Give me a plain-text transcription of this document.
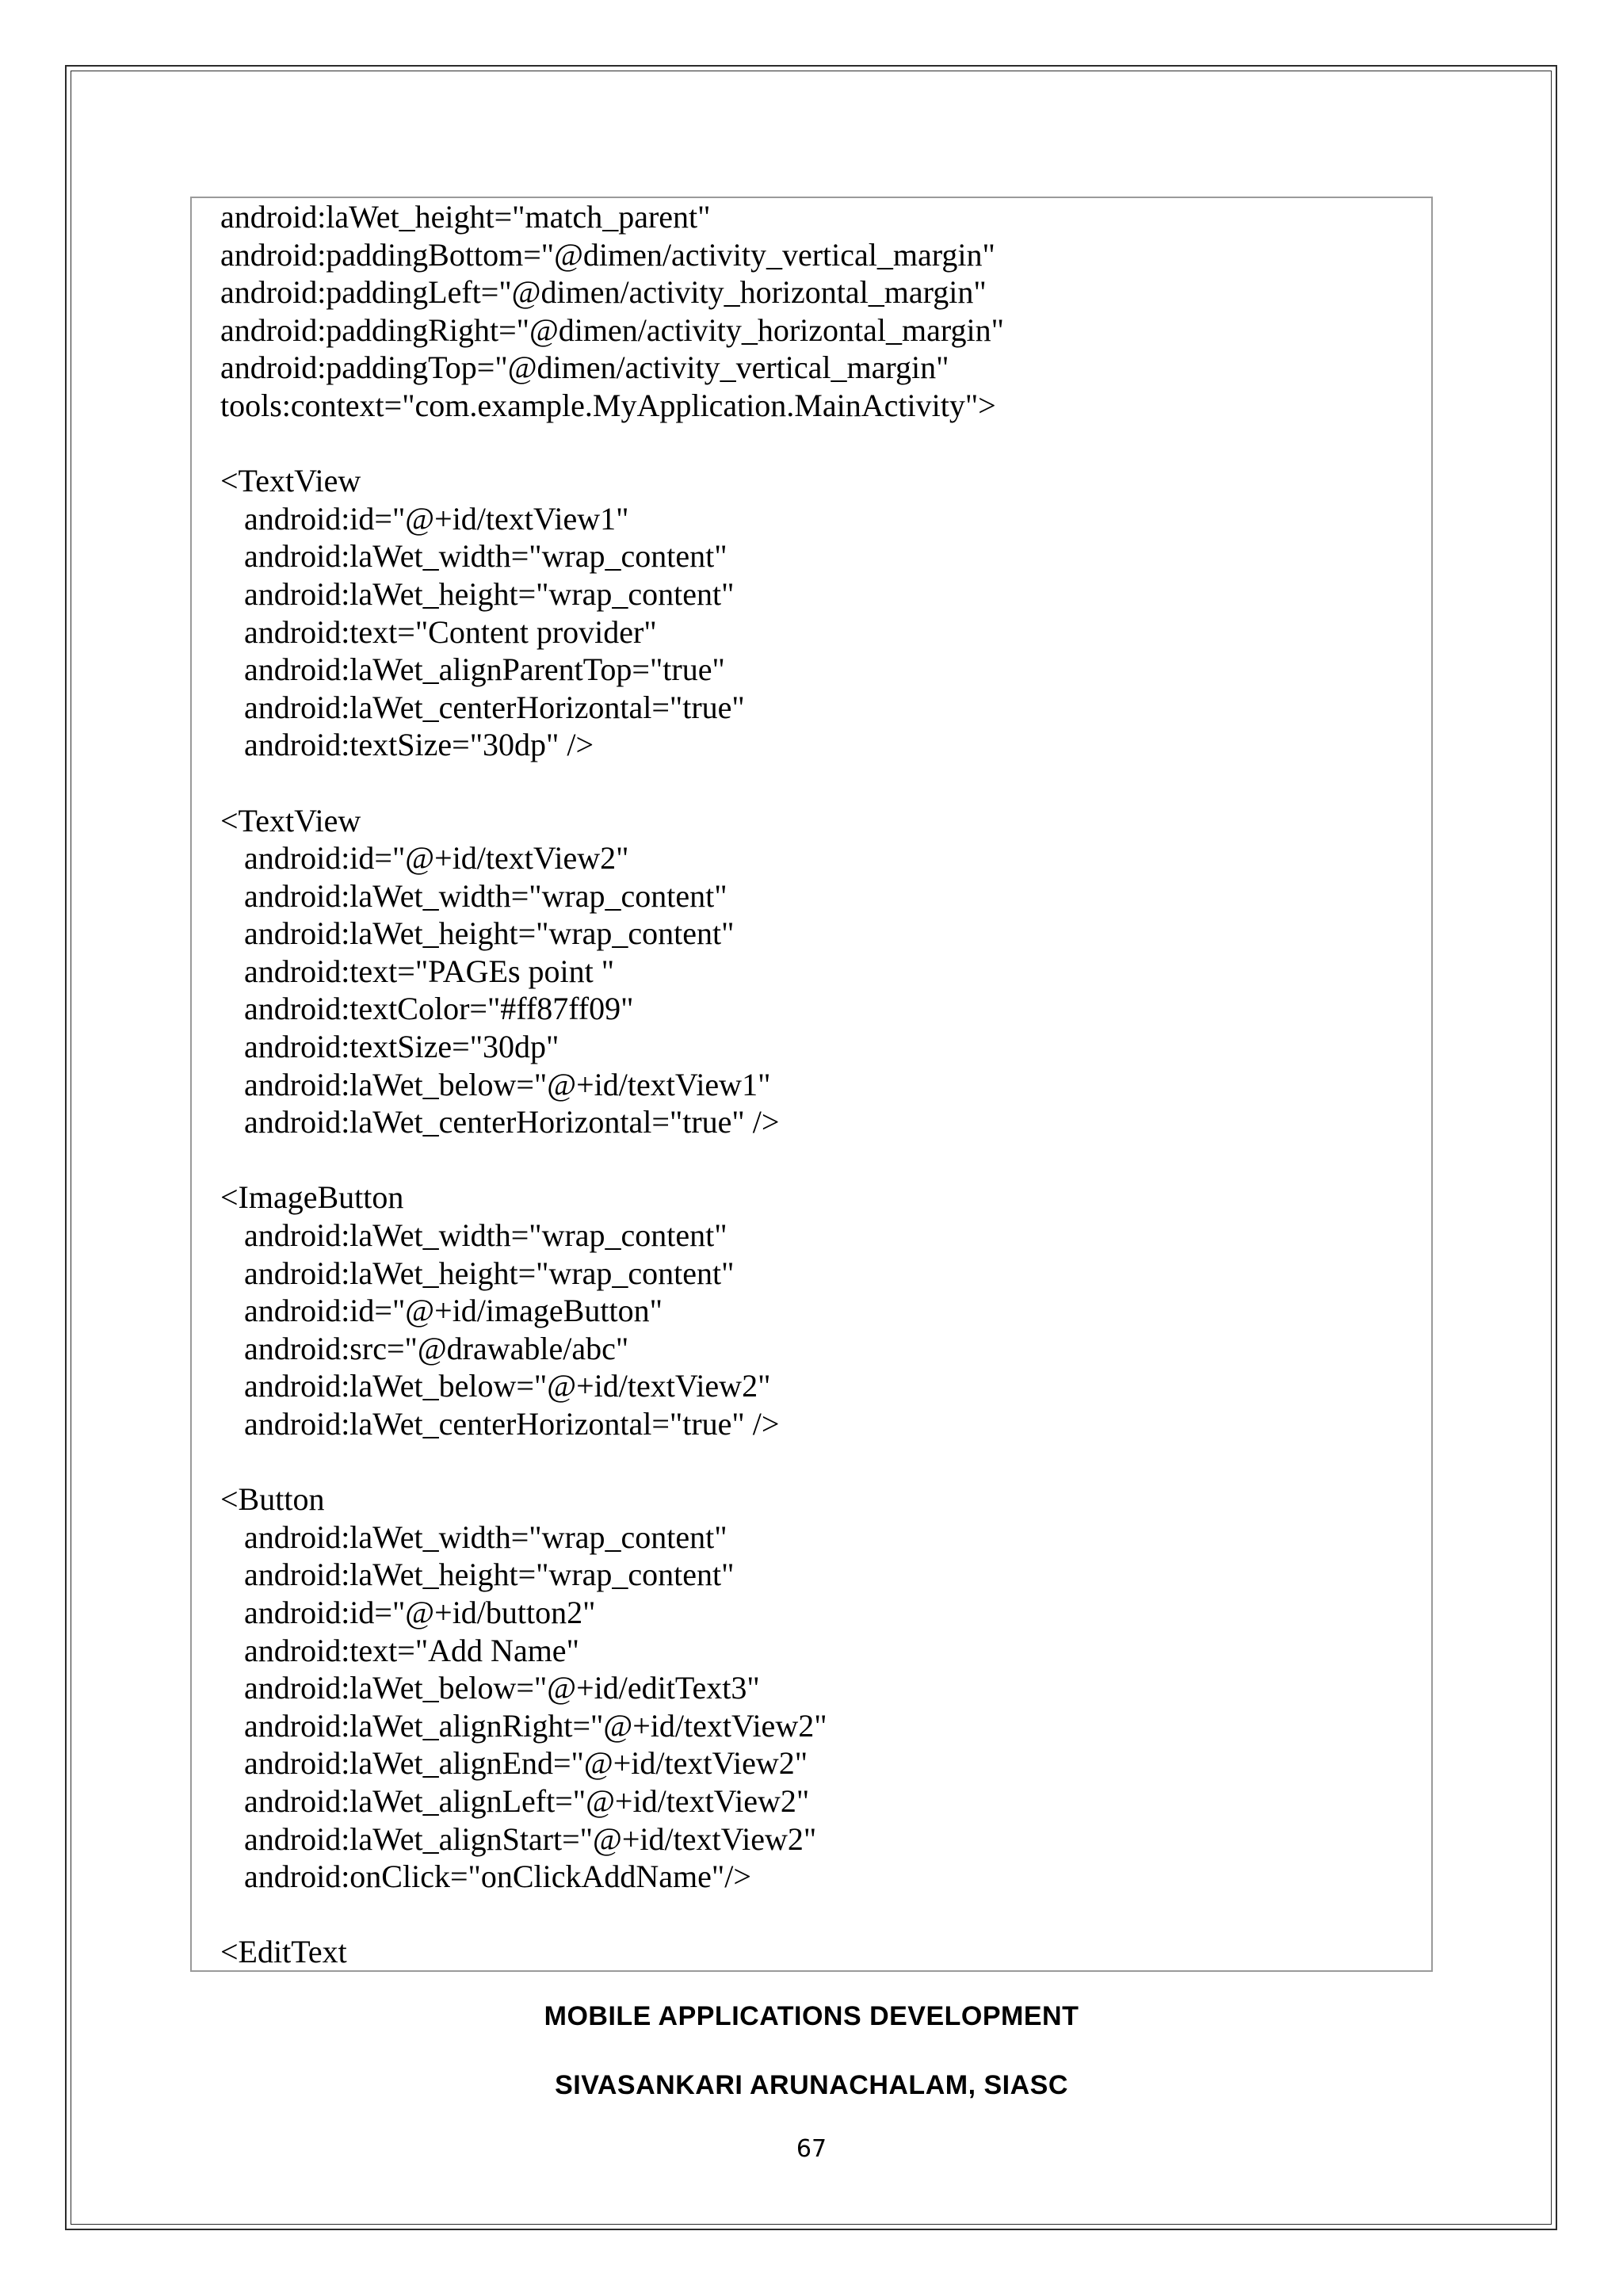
android:laWet_height="match_parent"
android:paddingBottom="@dimen/activity_vertical_margin"
android:paddingLeft="@dimen/activity_horizontal_margin"
android:paddingRight="@dimen/activity_horizontal_margin"
android:paddingTop="@dimen/activity_vertical_margin"
tools:context="com.example.MyApplication.MainActivity">
<TextView
android:id="@+id/textView1"
android:laWet_width="wrap_content"
android:laWet_height="wrap_content"
android:text="Content provider"
android:laWet_alignParentTop="true"
android:laWet_centerHorizontal="true"
android:textSize="30dp" />
<TextView
android:id="@+id/textView2"
android:laWet_width="wrap_content"
android:laWet_height="wrap_content"
android:text="PAGEs point "
android:textColor="#ff87ff09"
android:textSize="30dp"
android:laWet_below="@+id/textView1"
android:laWet_centerHorizontal="true" />
<ImageButton
android:laWet_width="wrap_content"
android:laWet_height="wrap_content"
android:id="@+id/imageButton"
android:src="@drawable/abc"
android:laWet_below="@+id/textView2"
android:laWet_centerHorizontal="true" />
<Button
android:laWet_width="wrap_content"
android:laWet_height="wrap_content"
android:id="@+id/button2"
android:text="Add Name"
android:laWet_below="@+id/editText3"
android:laWet_alignRight="@+id/textView2"
android:laWet_alignEnd="@+id/textView2"
android:laWet_alignLeft="@+id/textView2"
android:laWet_alignStart="@+id/textView2"
android:onClick="onClickAddName"/>
<EditText
MOBILE APPLICATIONS DEVELOPMENT
SIVASANKARI ARUNACHALAM, SIASC
67
